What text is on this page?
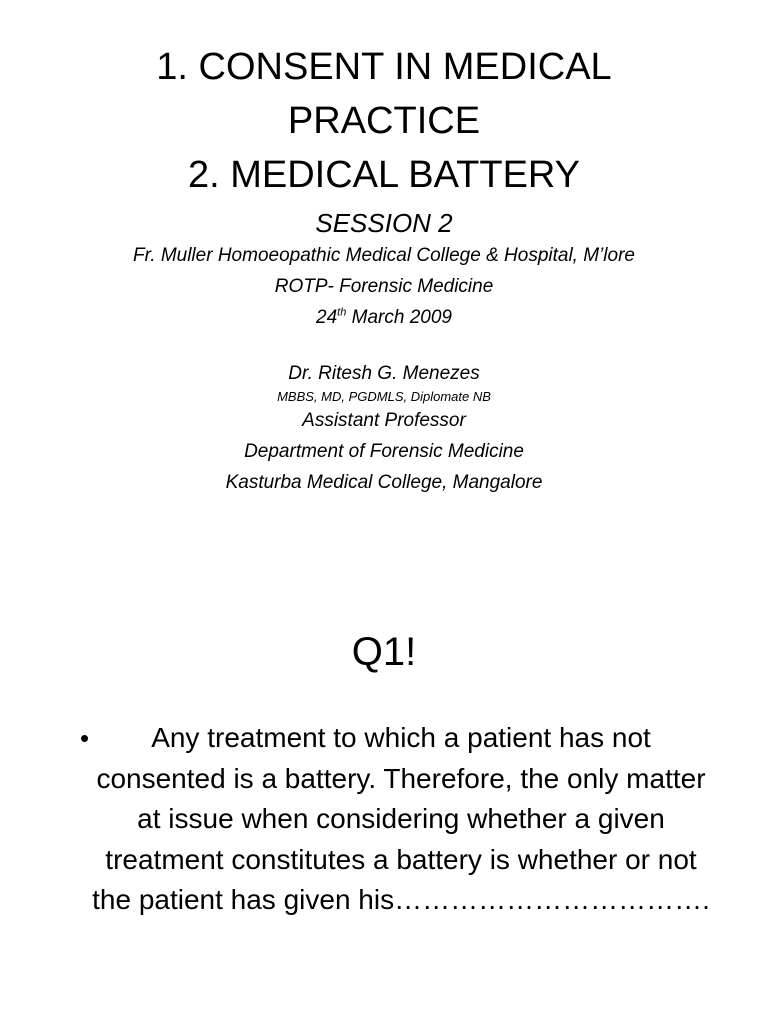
1. CONSENT IN MEDICAL
PRACTICE
2. MEDICAL BATTERY
SESSION 2
Fr. Muller Homoeopathic Medical College & Hospital, M’lore
ROTP- Forensic Medicine
24th March 2009
Dr. Ritesh G. Menezes
MBBS, MD, PGDMLS, Diplomate NB
Assistant Professor
Department of Forensic Medicine
Kasturba Medical College, Mangalore
Q1!
•	Any treatment to which a patient has not consented is a battery. Therefore, the only matter at issue when considering whether a given treatment constitutes a battery is whether or not the patient has given his…………………………….
